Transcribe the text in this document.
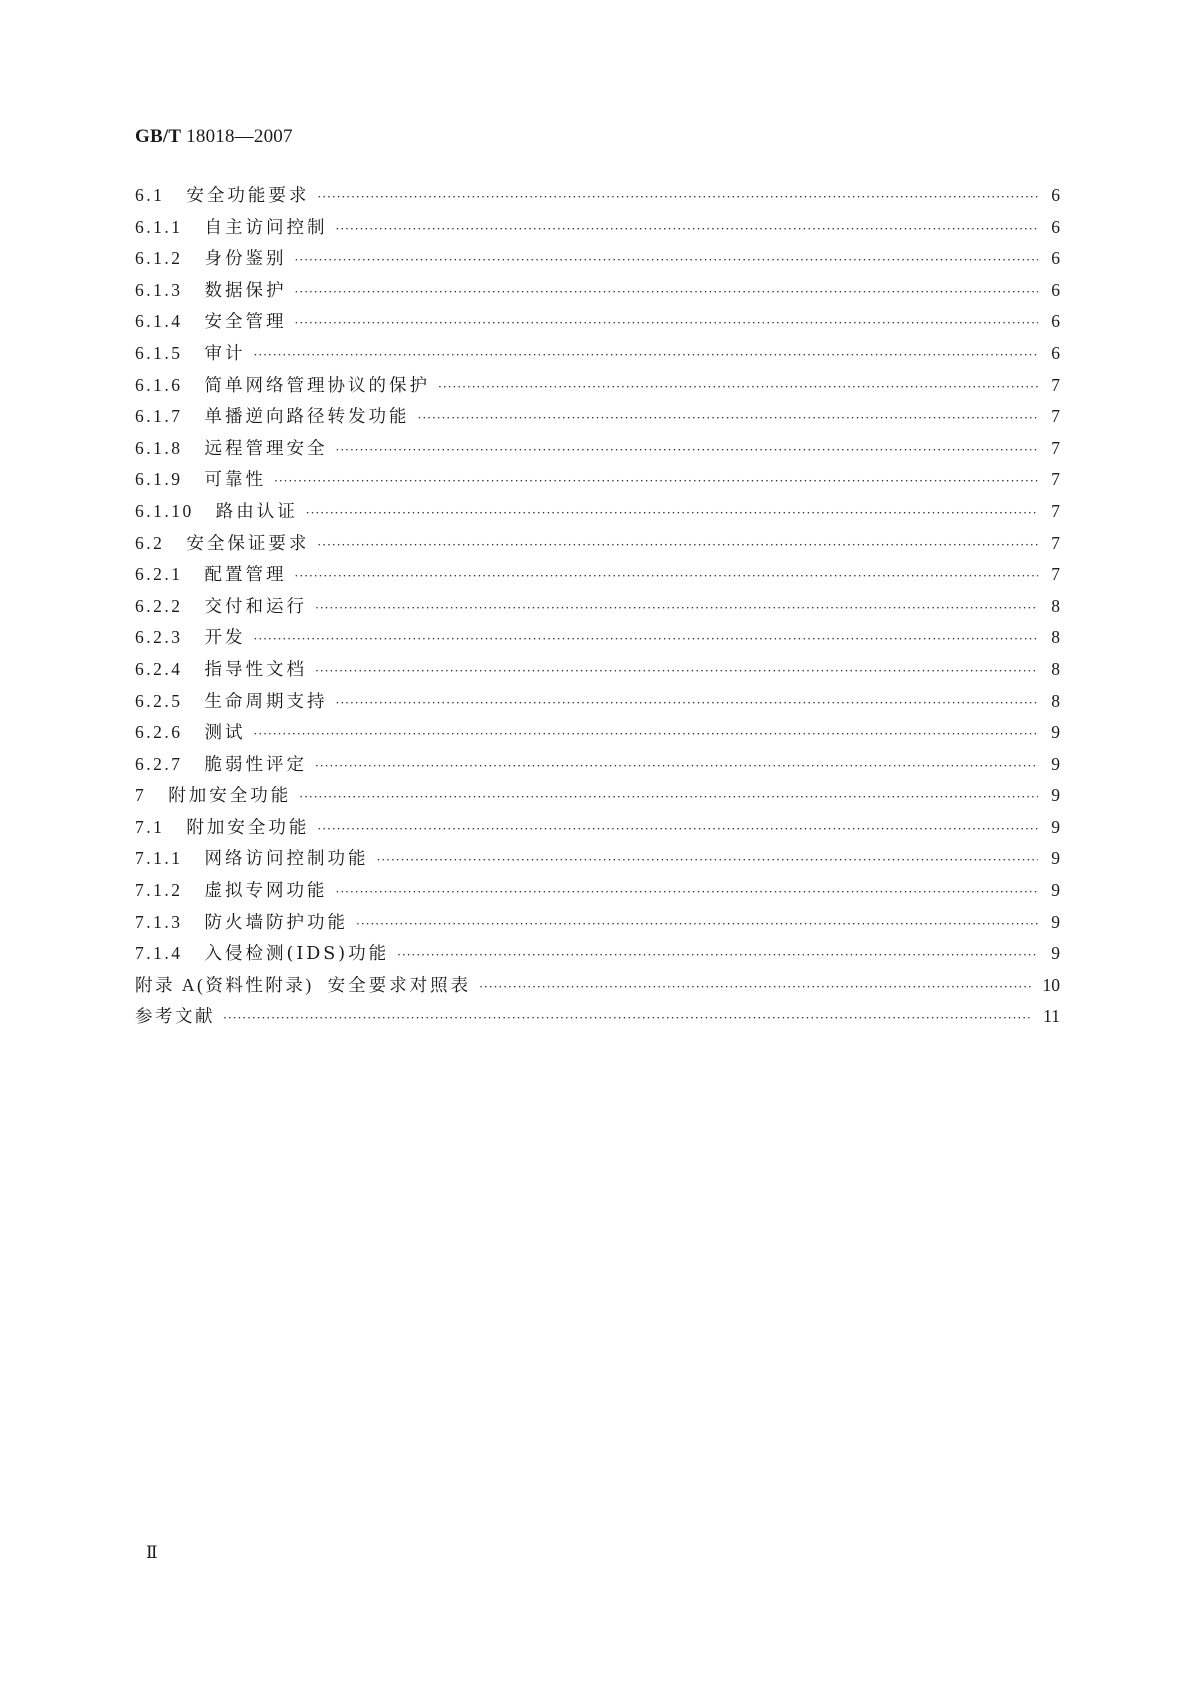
GB/T 18018—2007
6.1 安全功能要求 ·····	6
6.1.1 自主访问控制 ·····	6
6.1.2 身份鉴别 ·····	6
6.1.3 数据保护 ·····	6
6.1.4 安全管理 ·····	6
6.1.5 审计 ·····	6
6.1.6 简单网络管理协议的保护 ·····	7
6.1.7 单播逆向路径转发功能 ·····	7
6.1.8 远程管理安全 ·····	7
6.1.9 可靠性 ·····	7
6.1.10 路由认证 ·····	7
6.2 安全保证要求 ·····	7
6.2.1 配置管理 ·····	7
6.2.2 交付和运行 ·····	8
6.2.3 开发 ·····	8
6.2.4 指导性文档 ·····	8
6.2.5 生命周期支持 ·····	8
6.2.6 测试 ·····	9
6.2.7 脆弱性评定 ·····	9
7 附加安全功能 ·····	9
7.1 附加安全功能 ·····	9
7.1.1 网络访问控制功能 ·····	9
7.1.2 虚拟专网功能 ·····	9
7.1.3 防火墙防护功能 ·····	9
7.1.4 入侵检测(IDS)功能 ·····	9
附录 A(资料性附录) 安全要求对照表 ·····	10
参考文献 ·····	11
Ⅱ
